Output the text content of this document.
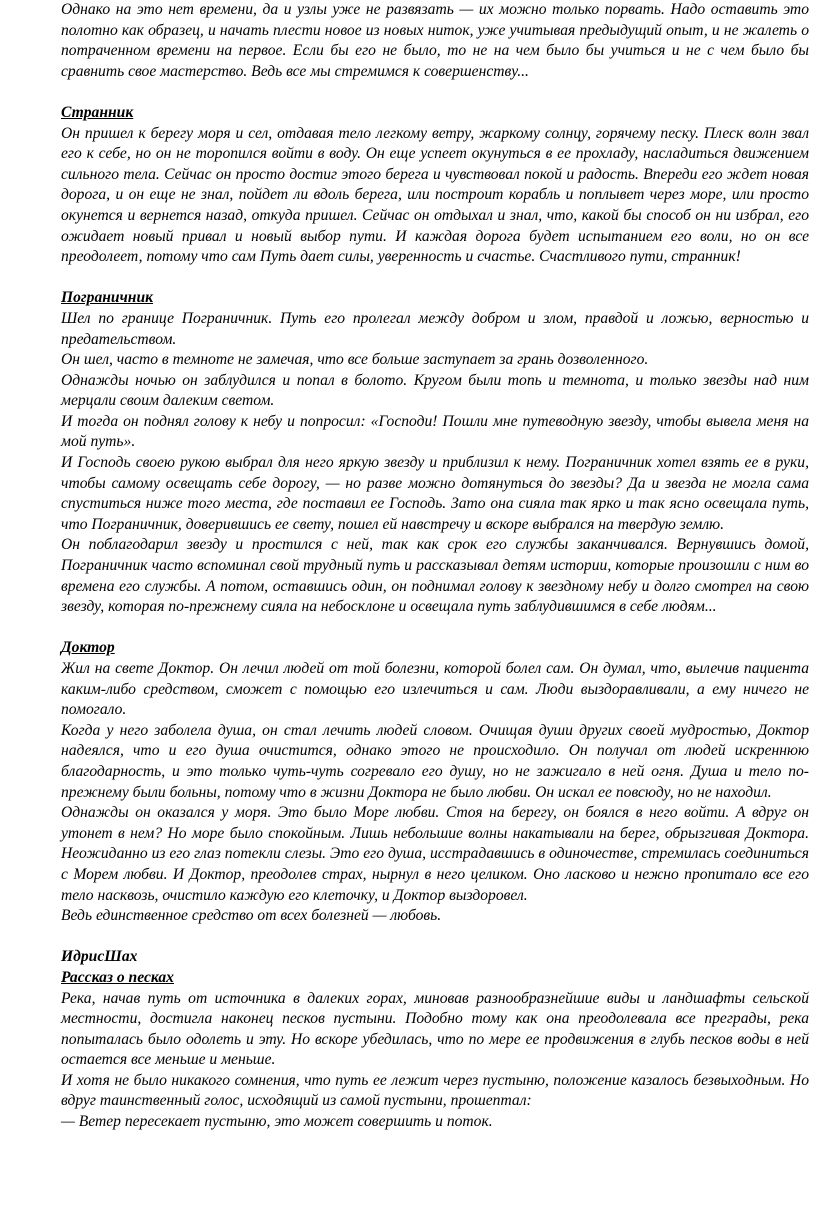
Однако на это нет времени, да и узлы уже не развязать — их можно только порвать. Надо оставить это полотно как образец, и начать плести новое из новых ниток, уже учитывая предыдущий опыт, и не жалеть о потраченном времени на первое. Если бы его не было, то не на чем было бы учиться и не с чем было бы сравнить свое мастерство. Ведь все мы стремимся к совершенству...

Странник

Он пришел к берегу моря и сел, отдавая тело легкому ветру, жаркому солнцу, горячему песку. Плеск волн звал его к себе, но он не торопился войти в воду. Он еще успеет окунуться в ее прохладу, насладиться движением сильного тела. Сейчас он просто достиг этого берега и чувствовал покой и радость. Впереди его ждет новая дорога, и он еще не знал, пойдет ли вдоль берега, или построит корабль и поплывет через море, или просто окунется и вернется назад, откуда пришел. Сейчас он отдыхал и знал, что, какой бы способ он ни избрал, его ожидает новый привал и новый выбор пути. И каждая дорога будет испытанием его воли, но он все преодолеет, потому что сам Путь дает силы, уверенность и счастье. Счастливого пути, странник!

Пограничник

Шел по границе Пограничник. Путь его пролегал между добром и злом, правдой и ложью, верностью и предательством.

Он шел, часто в темноте не замечая, что все больше заступает за грань дозволенного.

Однажды ночью он заблудился и попал в болото. Кругом были топь и темнота, и только звезды над ним мерцали своим далеким светом.

И тогда он поднял голову к небу и попросил: «Господи! Пошли мне путеводную звезду, чтобы вывела меня на мой путь».

И Господь своею рукою выбрал для него яркую звезду и приблизил к нему. Пограничник хотел взять ее в руки, чтобы самому освещать себе дорогу, — но разве можно дотянуться до звезды? Да и звезда не могла сама спуститься ниже того места, где поставил ее Господь. Зато она сияла так ярко и так ясно освещала путь, что Пограничник, доверившись ее свету, пошел ей навстречу и вскоре выбрался на твердую землю.

Он поблагодарил звезду и простился с ней, так как срок его службы заканчивался. Вернувшись домой, Пограничник часто вспоминал свой трудный путь и рассказывал детям истории, которые произошли с ним во времена его службы. А потом, оставшись один, он поднимал голову к звездному небу и долго смотрел на свою звезду, которая по-прежнему сияла на небосклоне и освещала путь заблудившимся в себе людям...

Доктор

Жил на свете Доктор. Он лечил людей от той болезни, которой болел сам. Он думал, что, вылечив пациента каким-либо средством, сможет с помощью его излечиться и сам. Люди выздоравливали, а ему ничего не помогало.

Когда у него заболела душа, он стал лечить людей словом. Очищая души других своей мудростью, Доктор надеялся, что и его душа очистится, однако этого не происходило. Он получал от людей искреннюю благодарность, и это только чуть-чуть согревало его душу, но не зажигало в ней огня. Душа и тело по-прежнему были больны, потому что в жизни Доктора не было любви. Он искал ее повсюду, но не находил.

Однажды он оказался у моря. Это было Море любви. Стоя на берегу, он боялся в него войти. А вдруг он утонет в нем? Но море было спокойным. Лишь небольшие волны накатывали на берег, обрызгивая Доктора. Неожиданно из его глаз потекли слезы. Это его душа, исстрадавшись в одиночестве, стремилась соединиться с Морем любви. И Доктор, преодолев страх, нырнул в него целиком. Оно ласково и нежно пропитало все его тело насквозь, очистило каждую его клеточку, и Доктор выздоровел.

Ведь единственное средство от всех болезней — любовь.

ИдрисШах

Рассказ о песках

Река, начав путь от источника в далеких горах, миновав разнообразнейшие виды и ландшафты сельской местности, достигла наконец песков пустыни. Подобно тому как она преодолевала все преграды, река попыталась было одолеть и эту. Но вскоре убедилась, что по мере ее продвижения в глубь песков воды в ней остается все меньше и меньше.

И хотя не было никакого сомнения, что путь ее лежит через пустыню, положение казалось безвыходным. Но вдруг таинственный голос, исходящий из самой пустыни, прошептал:

— Ветер пересекает пустыню, это может совершить и поток.
